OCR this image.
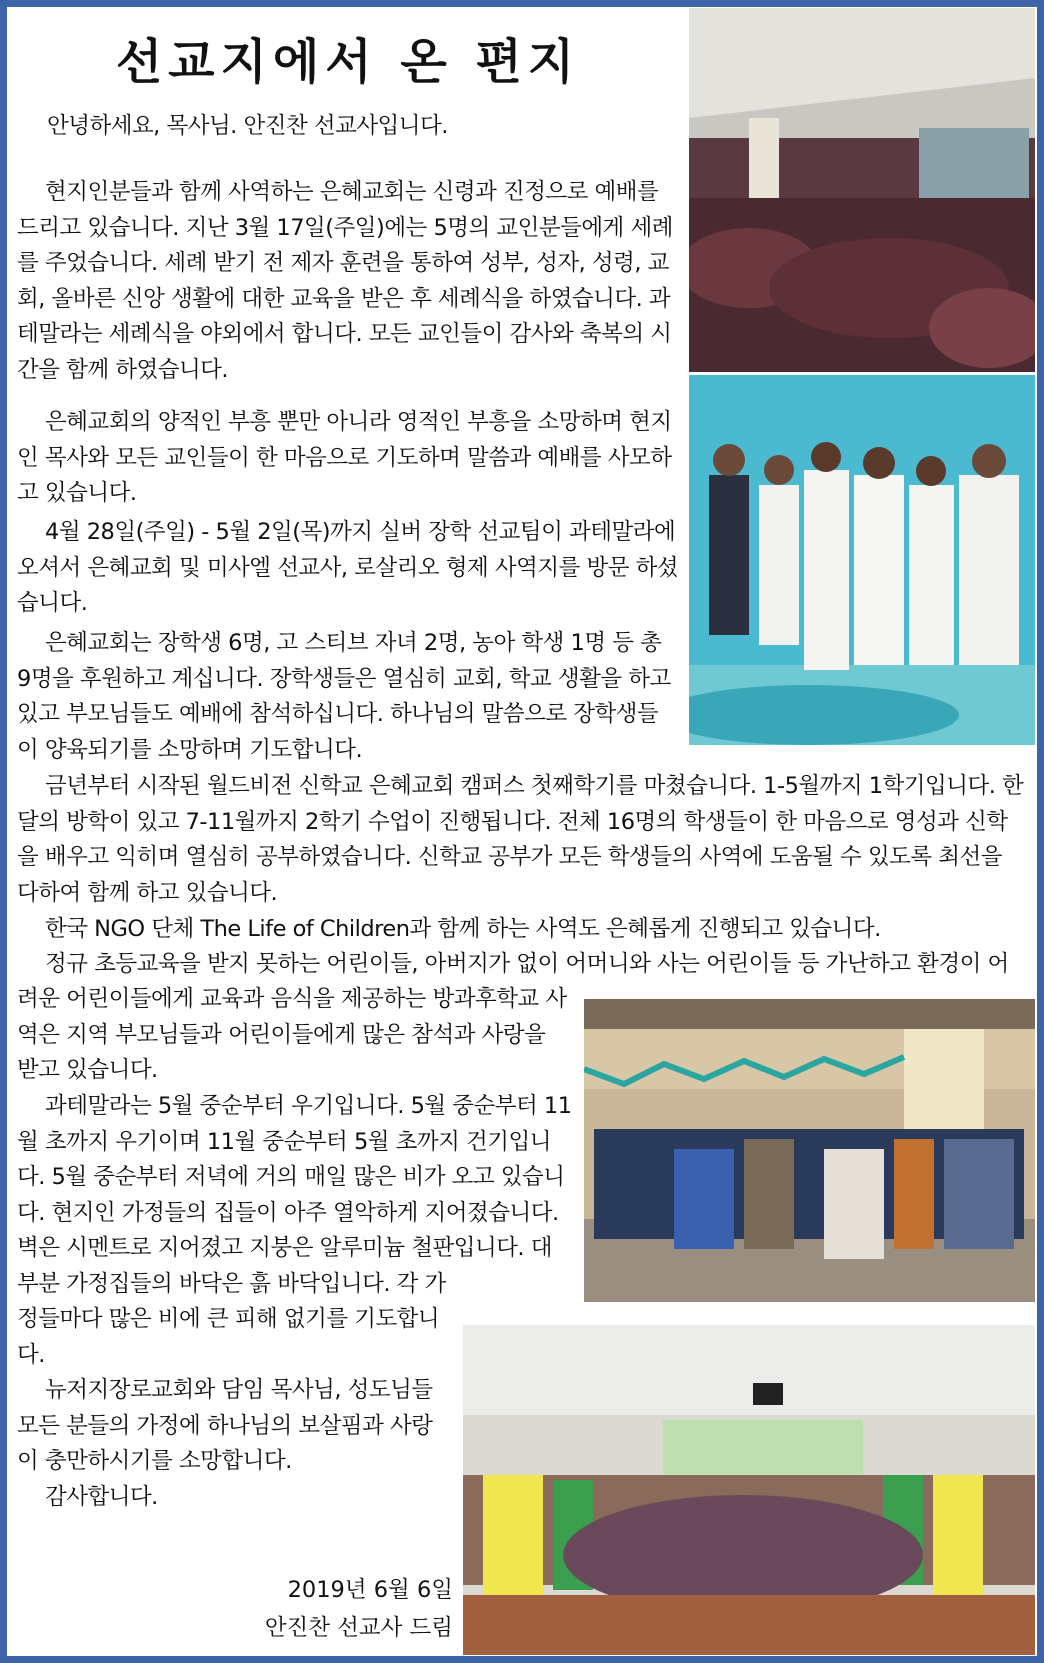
선교지에서 온 편지
안녕하세요, 목사님. 안진찬 선교사입니다.
현지인분들과 함께 사역하는 은혜교회는 신령과 진정으로 예배를 드리고 있습니다. 지난 3월 17일(주일)에는 5명의 교인분들에게 세례를 주었습니다. 세례 받기 전 제자 훈련을 통하여 성부, 성자, 성령, 교회, 올바른 신앙 생활에 대한 교육을 받은 후 세례식을 하였습니다. 과테말라는 세례식을 야외에서 합니다. 모든 교인들이 감사와 축복의 시간을 함께 하였습니다.
은혜교회의 양적인 부흥 뿐만 아니라 영적인 부흥을 소망하며 현지인 목사와 모든 교인들이 한 마음으로 기도하며 말씀과 예배를 사모하고 있습니다.
4월 28일(주일) - 5월 2일(목)까지 실버 장학 선교팀이 과테말라에 오셔서 은혜교회 및 미사엘 선교사, 로살리오 형제 사역지를 방문 하셨습니다.
은혜교회는 장학생 6명, 고 스티브 자녀 2명, 농아 학생 1명 등 총 9명을 후원하고 계십니다. 장학생들은 열심히 교회, 학교 생활을 하고 있고 부모님들도 예배에 참석하십니다. 하나님의 말씀으로 장학생들이 양육되기를 소망하며 기도합니다.
금년부터 시작된 월드비전 신학교 은혜교회 캠퍼스 첫째학기를 마쳤습니다. 1-5월까지 1학기입니다. 한 달의 방학이 있고 7-11월까지 2학기 수업이 진행됩니다. 전체 16명의 학생들이 한 마음으로 영성과 신학을 배우고 익히며 열심히 공부하였습니다. 신학교 공부가 모든 학생들의 사역에 도움될 수 있도록 최선을 다하여 함께 하고 있습니다.
한국 NGO 단체 The Life of Children과 함께 하는 사역도 은혜롭게 진행되고 있습니다.
정규 초등교육을 받지 못하는 어린이들, 아버지가 없이 어머니와 사는 어린이들 등 가난하고 환경이 어
려운 어린이들에게 교육과 음식을 제공하는 방과후학교 사역은 지역 부모님들과 어린이들에게 많은 참석과 사랑을 받고 있습니다.
과테말라는 5월 중순부터 우기입니다. 5월 중순부터 11월 초까지 우기이며 11월 중순부터 5월 초까지 건기입니다. 5월 중순부터 저녁에 거의 매일 많은 비가 오고 있습니다. 현지인 가정들의 집들이 아주 열악하게 지어졌습니다. 벽은 시멘트로 지어졌고 지붕은 알루미늄 철판입니다. 대부분 가정집들의 바닥은 흙 바닥입니다. 각 가
정들마다 많은 비에 큰 피해 없기를 기도합니다.
뉴저지장로교회와 담임 목사님, 성도님들 모든 분들의 가정에 하나님의 보살핌과 사랑이 충만하시기를 소망합니다.
감사합니다.
2019년 6월 6일
안진찬 선교사 드림
